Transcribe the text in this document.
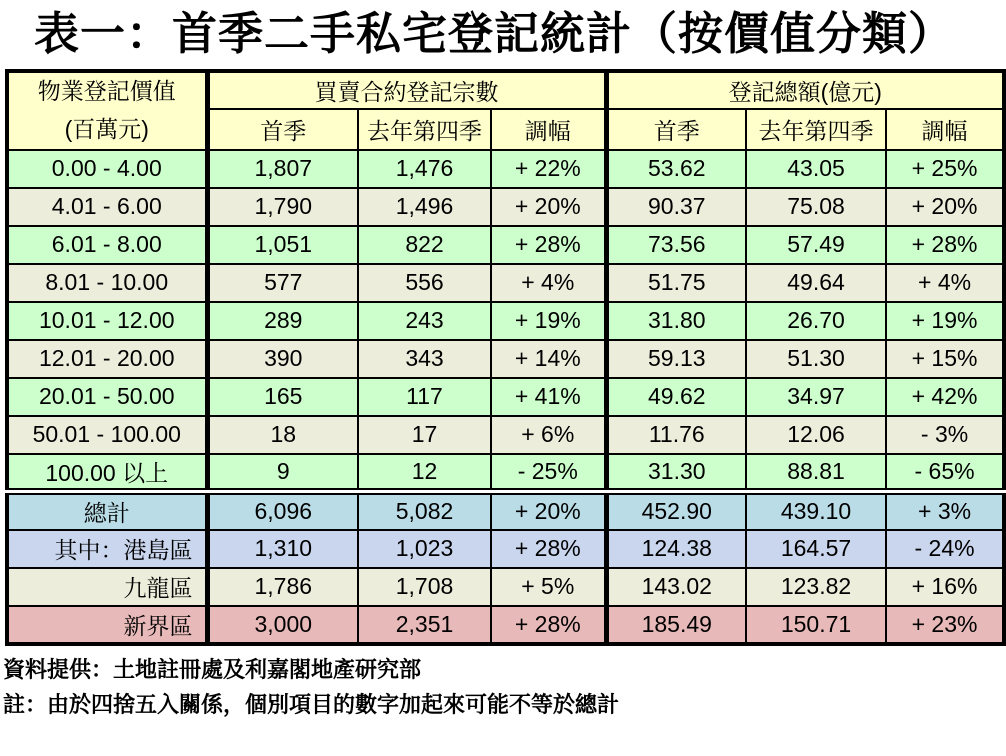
表一：首季二手私宅登記統計（按價值分類）
物業登記價值
(百萬元)	買賣合約登記宗數			登記總額(億元)		
	首季	去年第四季	調幅	首季	去年第四季	調幅
0.00 - 4.00	1,807	1,476	+ 22%	53.62	43.05	+ 25%
4.01 - 6.00	1,790	1,496	+ 20%	90.37	75.08	+ 20%
6.01 - 8.00	1,051	822	+ 28%	73.56	57.49	+ 28%
8.01 - 10.00	577	556	+ 4%	51.75	49.64	+ 4%
10.01 - 12.00	289	243	+ 19%	31.80	26.70	+ 19%
12.01 - 20.00	390	343	+ 14%	59.13	51.30	+ 15%
20.01 - 50.00	165	117	+ 41%	49.62	34.97	+ 42%
50.01 - 100.00	18	17	+ 6%	11.76	12.06	- 3%
100.00 以上	9	12	- 25%	31.30	88.81	- 65%
總計	6,096	5,082	+ 20%	452.90	439.10	+ 3%
其中：港島區	1,310	1,023	+ 28%	124.38	164.57	- 24%
九龍區	1,786	1,708	+ 5%	143.02	123.82	+ 16%
新界區	3,000	2,351	+ 28%	185.49	150.71	+ 23%
資料提供：土地註冊處及利嘉閣地產研究部
註：由於四捨五入關係，個別項目的數字加起來可能不等於總計
